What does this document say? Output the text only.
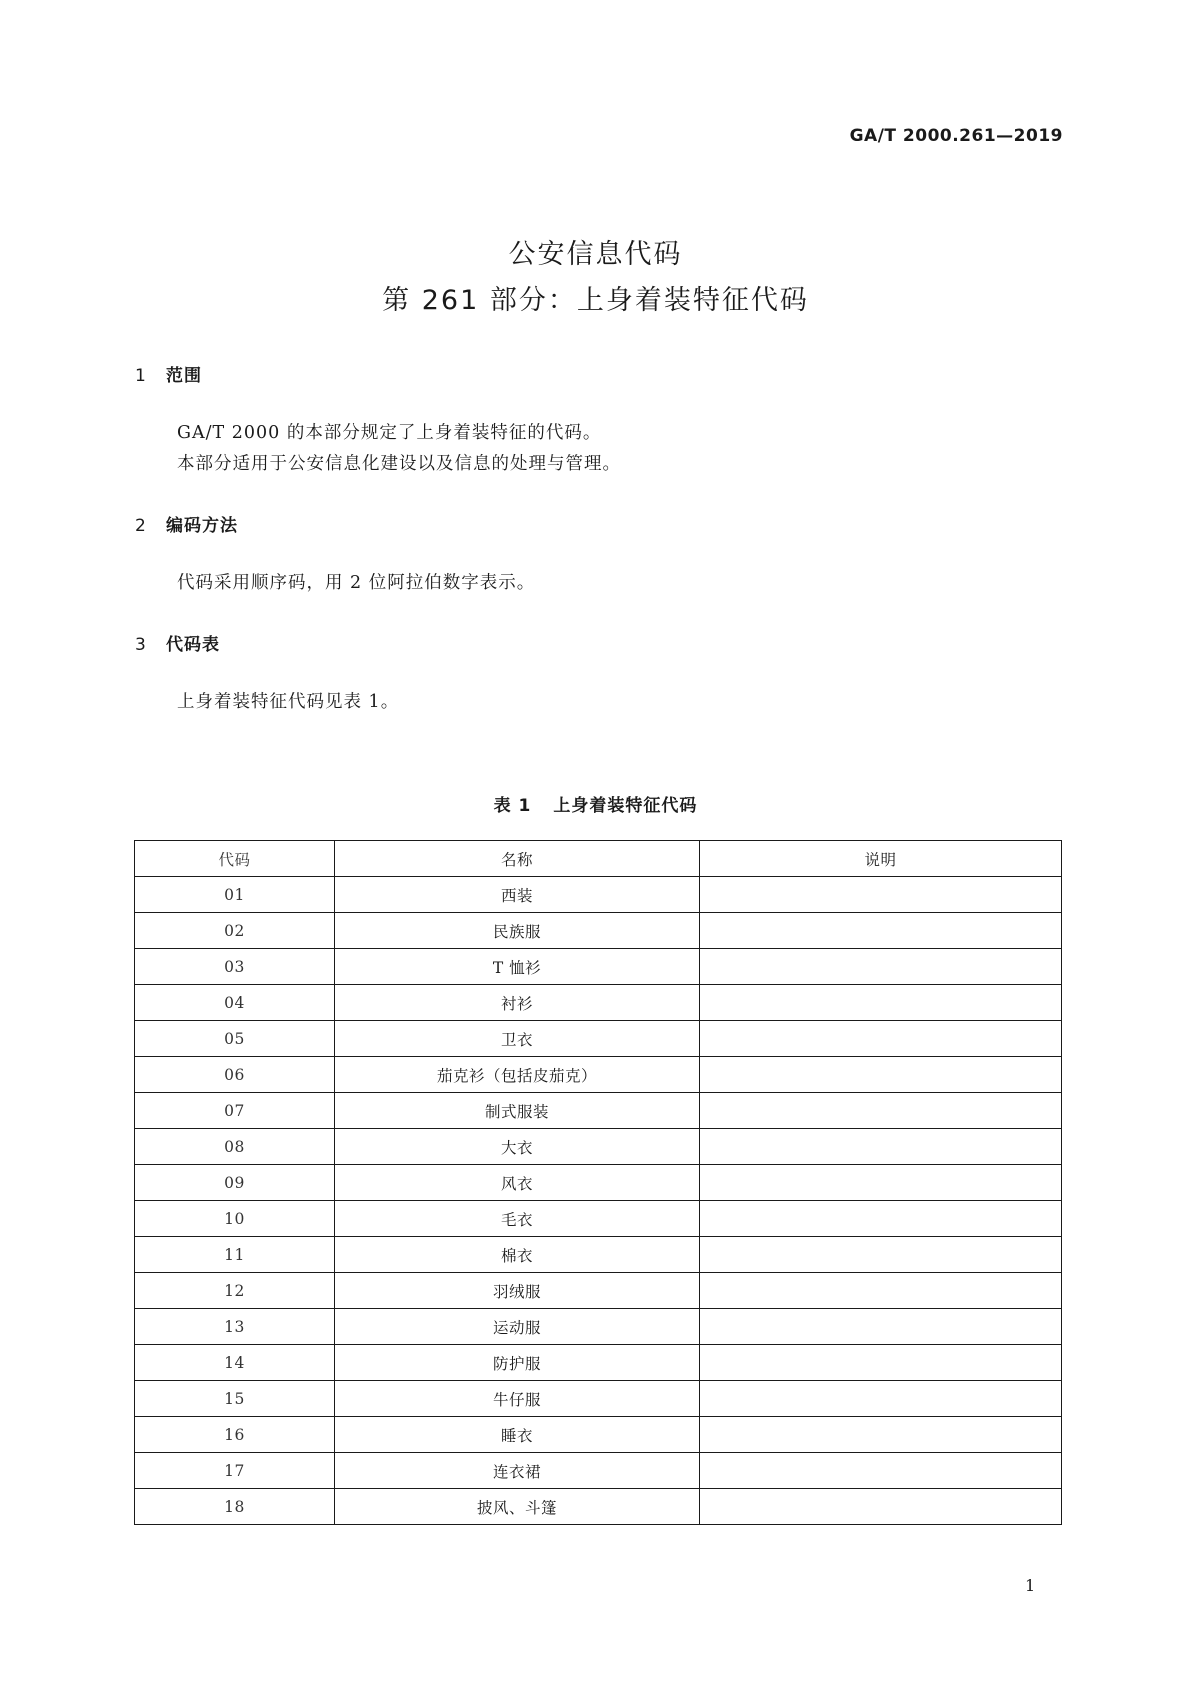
GA/T 2000.261—2019
公安信息代码
第 261 部分：上身着装特征代码
1 范围
GA/T 2000 的本部分规定了上身着装特征的代码。
本部分适用于公安信息化建设以及信息的处理与管理。
2 编码方法
代码采用顺序码，用 2 位阿拉伯数字表示。
3 代码表
上身着装特征代码见表 1。
表 1 上身着装特征代码
代码	名称	说明
01	西装	
02	民族服	
03	T 恤衫	
04	衬衫	
05	卫衣	
06	茄克衫（包括皮茄克）	
07	制式服装	
08	大衣	
09	风衣	
10	毛衣	
11	棉衣	
12	羽绒服	
13	运动服	
14	防护服	
15	牛仔服	
16	睡衣	
17	连衣裙	
18	披风、斗篷	
1
